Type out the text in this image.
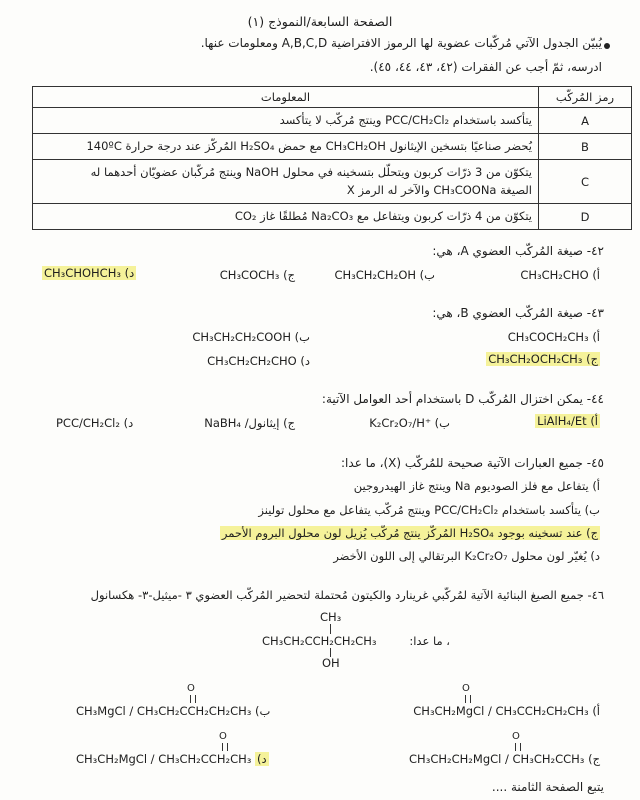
الصفحة السابعة/النموذج (١)
يُبيّن الجدول الآتي مُركّبات عضوية لها الرموز الافتراضية A,B,C,D ومعلومات عنها.
ادرسه، ثمّ أجب عن الفقرات (٤٢، ٤٣، ٤٤، ٤٥).
رمز المُركّب	المعلومات
A	يتأكسد باستخدام PCC/CH₂Cl₂ وينتج مُركّب لا يتأكسد
B	يُحضر صناعيًا بتسخين الإيثانول CH₃CH₂OH مع حمض H₂SO₄ المُركّز عند درجة حرارة 140ºC
C	يتكوّن من 3 ذرّات كربون ويتحلّل بتسخينه في محلول NaOH وينتج مُركّبان عضويّان أحدهما له
الصيغة CH₃COONa والآخر له الرمز X

D	يتكوّن من 4 ذرّات كربون ويتفاعل مع Na₂CO₃ مُطلقًا غاز CO₂
٤٢- صيغة المُركّب العضوي A، هي:
أ) CH₃CH₂CHO
ب) CH₃CH₂CH₂OH
ج) CH₃COCH₃
د) CH₃CHOHCH₃
٤٣- صيغة المُركّب العضوي B، هي:
أ) CH₃COCH₂CH₃
ب) CH₃CH₂CH₂COOH
ج) CH₃CH₂OCH₂CH₃
د) CH₃CH₂CH₂CHO
٤٤- يمكن اختزال المُركّب D باستخدام أحد العوامل الآتية:
أ) LiAlH₄/Et
ب) K₂Cr₂O₇/H⁺
ج) إيثانول/ NaBH₄
د) PCC/CH₂Cl₂
٤٥- جميع العبارات الآتية صحيحة للمُركّب (X)، ما عدا:
أ) يتفاعل مع فلز الصوديوم Na وينتج غاز الهيدروجين
ب) يتأكسد باستخدام PCC/CH₂Cl₂ وينتج مُركّب يتفاعل مع محلول تولينز
ج) عند تسخينه بوجود H₂SO₄ المُركّز ينتج مُركّب يُزيل لون محلول البروم الأحمر
د) يُغيّر لون محلول K₂Cr₂O₇ البرتقالي إلى اللون الأخضر
٤٦- جميع الصيغ البنائية الآتية لمُركّبي غرينارد والكيتون مُحتملة لتحضير المُركّب العضوي ٣ -ميثيل-٣- هكسانول
CH₃
CH₃CH₂CCH₂CH₂CH₃
OH
، ما عدا:
أ) CH₃CH₂MgCl / CH₃CCH₂CH₂CH₃
O
ب) CH₃MgCl / CH₃CH₂CCH₂CH₂CH₃
O
ج) CH₃CH₂CH₂MgCl / CH₃CH₂CCH₃
O
د) CH₃CH₂MgCl / CH₃CH₂CCH₂CH₃
O
يتبع الصفحة الثامنة ....
